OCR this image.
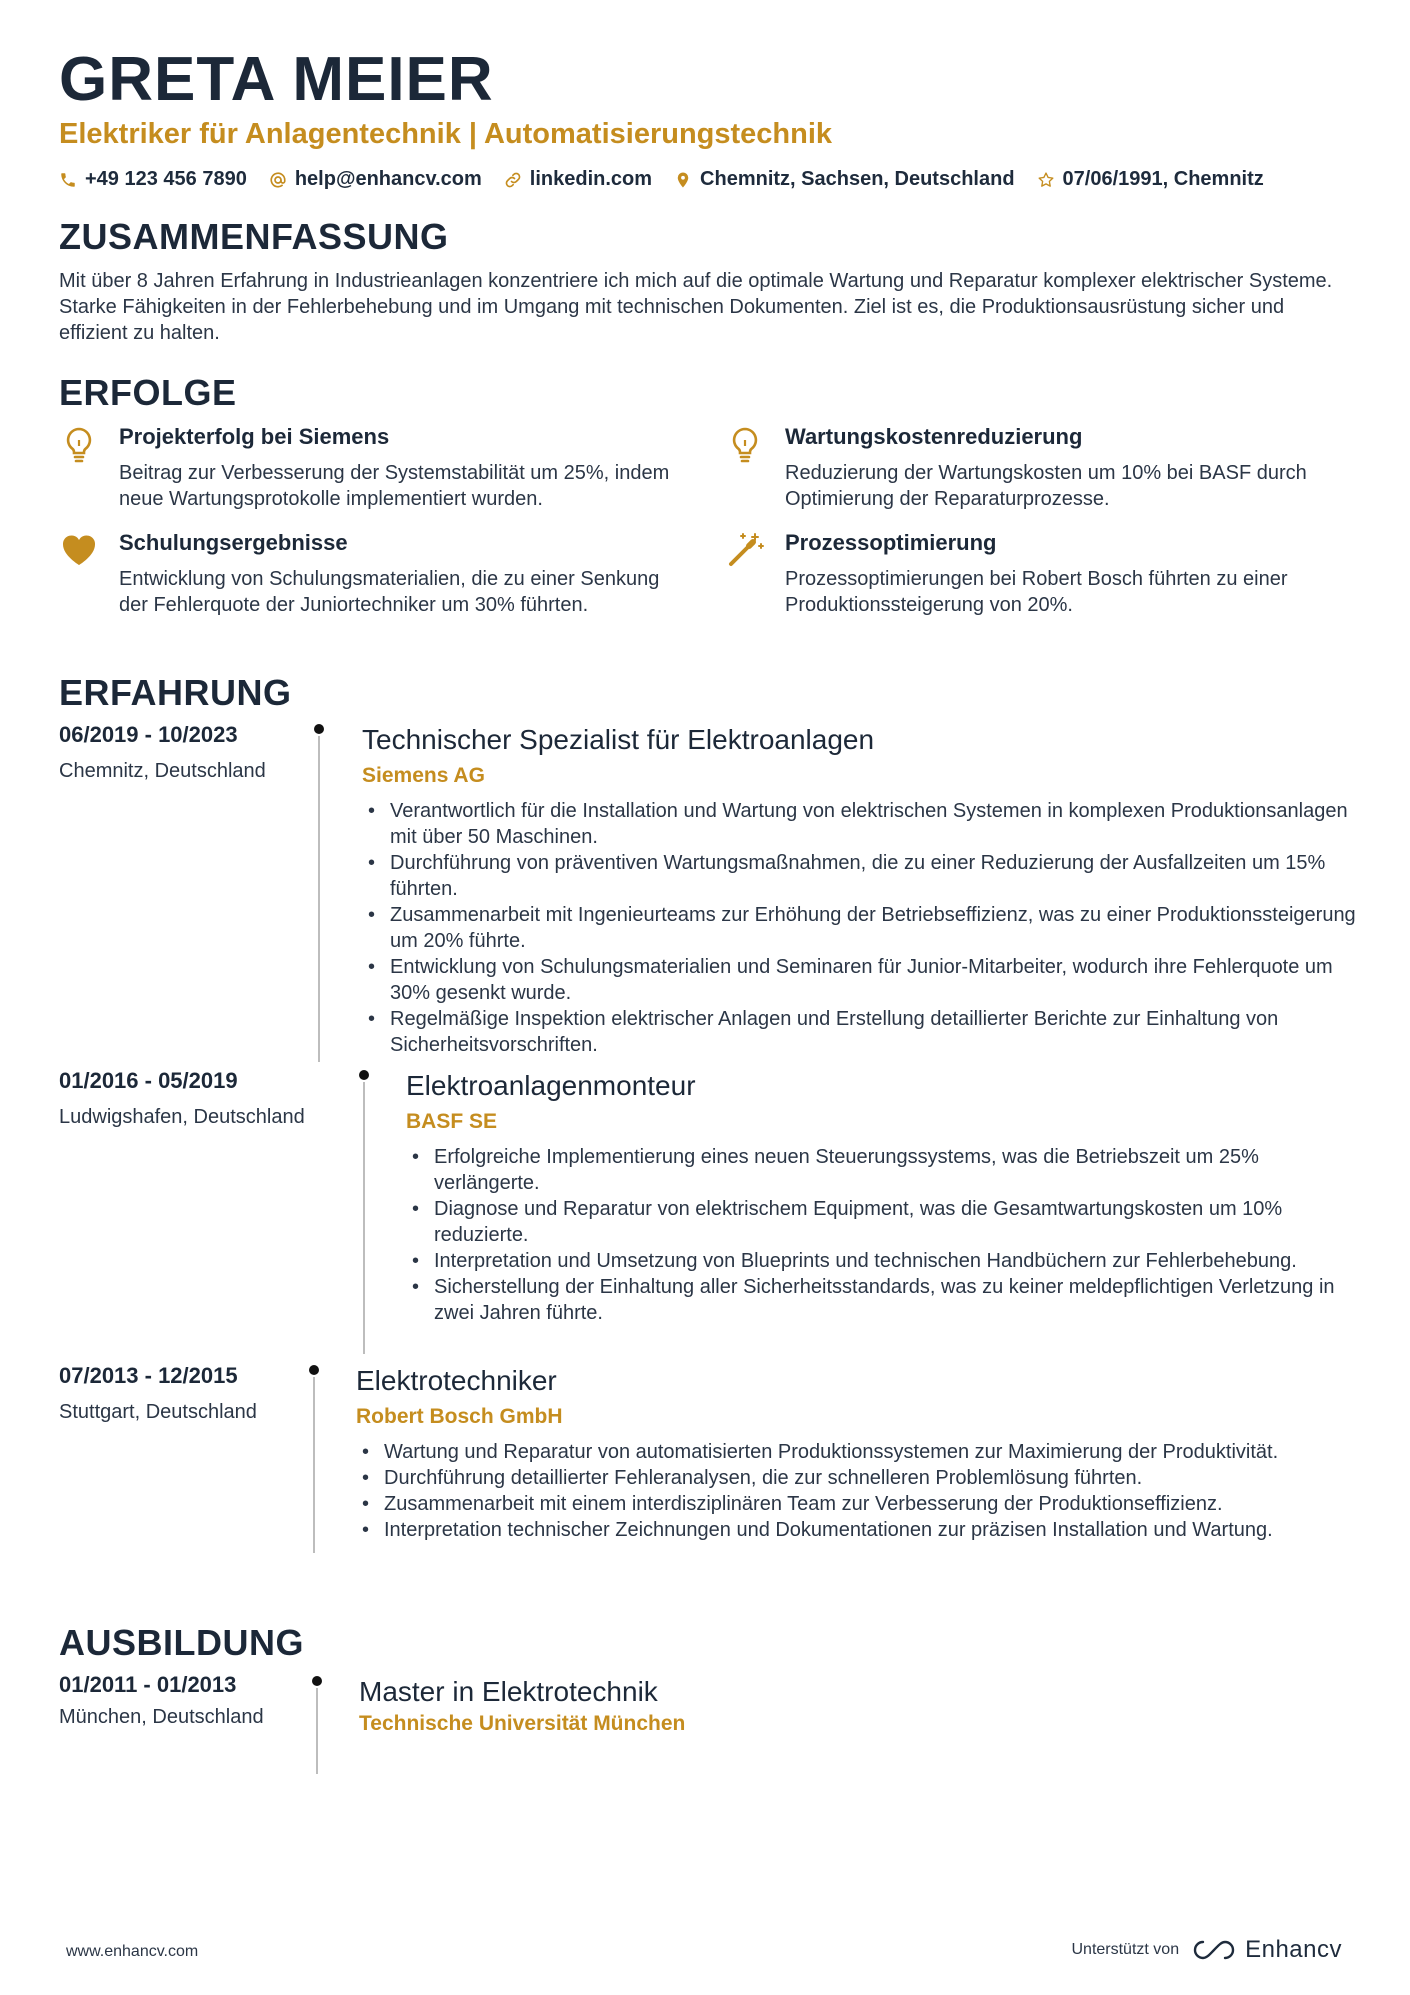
GRETA MEIER
Elektriker für Anlagentechnik | Automatisierungstechnik
+49 123 456 7890 help@enhancv.com linkedin.com Chemnitz, Sachsen, Deutschland 07/06/1991, Chemnitz
ZUSAMMENFASSUNG
Mit über 8 Jahren Erfahrung in Industrieanlagen konzentriere ich mich auf die optimale Wartung und Reparatur komplexer elektrischer Systeme. Starke Fähigkeiten in der Fehlerbehebung und im Umgang mit technischen Dokumenten. Ziel ist es, die Produktionsausrüstung sicher und effizient zu halten.
ERFOLGE
Projekterfolg bei Siemens
Beitrag zur Verbesserung der Systemstabilität um 25%, indem neue Wartungsprotokolle implementiert wurden.
Wartungskostenreduzierung
Reduzierung der Wartungskosten um 10% bei BASF durch Optimierung der Reparaturprozesse.
Schulungsergebnisse
Entwicklung von Schulungsmaterialien, die zu einer Senkung der Fehlerquote der Juniortechniker um 30% führten.
Prozessoptimierung
Prozessoptimierungen bei Robert Bosch führten zu einer Produktionssteigerung von 20%.
ERFAHRUNG
06/2019 - 10/2023
Chemnitz, Deutschland
Technischer Spezialist für Elektroanlagen
Siemens AG
• Verantwortlich für die Installation und Wartung von elektrischen Systemen in komplexen Produktionsanlagen mit über 50 Maschinen.
• Durchführung von präventiven Wartungsmaßnahmen, die zu einer Reduzierung der Ausfallzeiten um 15% führten.
• Zusammenarbeit mit Ingenieurteams zur Erhöhung der Betriebseffizienz, was zu einer Produktionssteigerung um 20% führte.
• Entwicklung von Schulungsmaterialien und Seminaren für Junior-Mitarbeiter, wodurch ihre Fehlerquote um 30% gesenkt wurde.
• Regelmäßige Inspektion elektrischer Anlagen und Erstellung detaillierter Berichte zur Einhaltung von Sicherheitsvorschriften.
01/2016 - 05/2019
Ludwigshafen, Deutschland
Elektroanlagenmonteur
BASF SE
• Erfolgreiche Implementierung eines neuen Steuerungssystems, was die Betriebszeit um 25% verlängerte.
• Diagnose und Reparatur von elektrischem Equipment, was die Gesamtwartungskosten um 10% reduzierte.
• Interpretation und Umsetzung von Blueprints und technischen Handbüchern zur Fehlerbehebung.
• Sicherstellung der Einhaltung aller Sicherheitsstandards, was zu keiner meldepflichtigen Verletzung in zwei Jahren führte.
07/2013 - 12/2015
Stuttgart, Deutschland
Elektrotechniker
Robert Bosch GmbH
• Wartung und Reparatur von automatisierten Produktionssystemen zur Maximierung der Produktivität.
• Durchführung detaillierter Fehleranalysen, die zur schnelleren Problemlösung führten.
• Zusammenarbeit mit einem interdisziplinären Team zur Verbesserung der Produktionseffizienz.
• Interpretation technischer Zeichnungen und Dokumentationen zur präzisen Installation und Wartung.
AUSBILDUNG
01/2011 - 01/2013
München, Deutschland
Master in Elektrotechnik
Technische Universität München
www.enhancv.com	Unterstützt von	Enhancv
